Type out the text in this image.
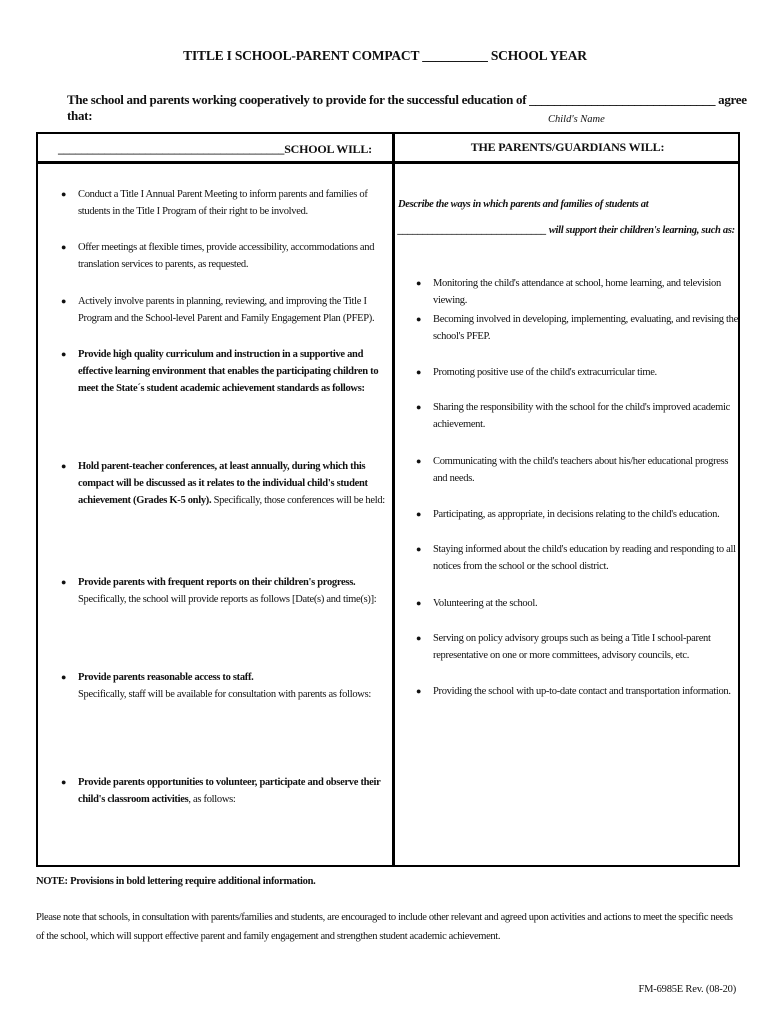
TITLE I SCHOOL-PARENT COMPACT __________ SCHOOL YEAR
The school and parents working cooperatively to provide for the successful education of ______________________________ agree that:	Child's Name
_______________________________________SCHOOL WILL:	THE PARENTS/GUARDIANS WILL:
● Conduct a Title I Annual Parent Meeting to inform parents and families of students in the Title I Program of their right to be involved.
● Offer meetings at flexible times, provide accessibility, accommodations and translation services to parents, as requested.
● Actively involve parents in planning, reviewing, and improving the Title I Program and the School-level Parent and Family Engagement Plan (PFEP).
● Provide high quality curriculum and instruction in a supportive and effective learning environment that enables the participating children to meet the State´s student academic achievement standards as follows:
● Hold parent-teacher conferences, at least annually, during which this compact will be discussed as it relates to the individual child's student achievement (Grades K-5 only). Specifically, those conferences will be held:
● Provide parents with frequent reports on their children's progress. Specifically, the school will provide reports as follows [Date(s) and time(s)]:
● Provide parents reasonable access to staff.
Specifically, staff will be available for consultation with parents as follows:
● Provide parents opportunities to volunteer, participate and observe their child's classroom activities, as follows:
Describe the ways in which parents and families of students at
______________________________ will support their children's learning, such as:
● Monitoring the child's attendance at school, home learning, and television viewing.
● Becoming involved in developing, implementing, evaluating, and revising the school's PFEP.
● Promoting positive use of the child's extracurricular time.
● Sharing the responsibility with the school for the child's improved academic achievement.
● Communicating with the child's teachers about his/her educational progress and needs.
● Participating, as appropriate, in decisions relating to the child's education.
● Staying informed about the child's education by reading and responding to all notices from the school or the school district.
● Volunteering at the school.
● Serving on policy advisory groups such as being a Title I school-parent representative on one or more committees, advisory councils, etc.
● Providing the school with up-to-date contact and transportation information.
NOTE: Provisions in bold lettering require additional information.
Please note that schools, in consultation with parents/families and students, are encouraged to include other relevant and agreed upon activities and actions to meet the specific needs of the school, which will support effective parent and family engagement and strengthen student academic achievement.
FM-6985E Rev. (08-20)
